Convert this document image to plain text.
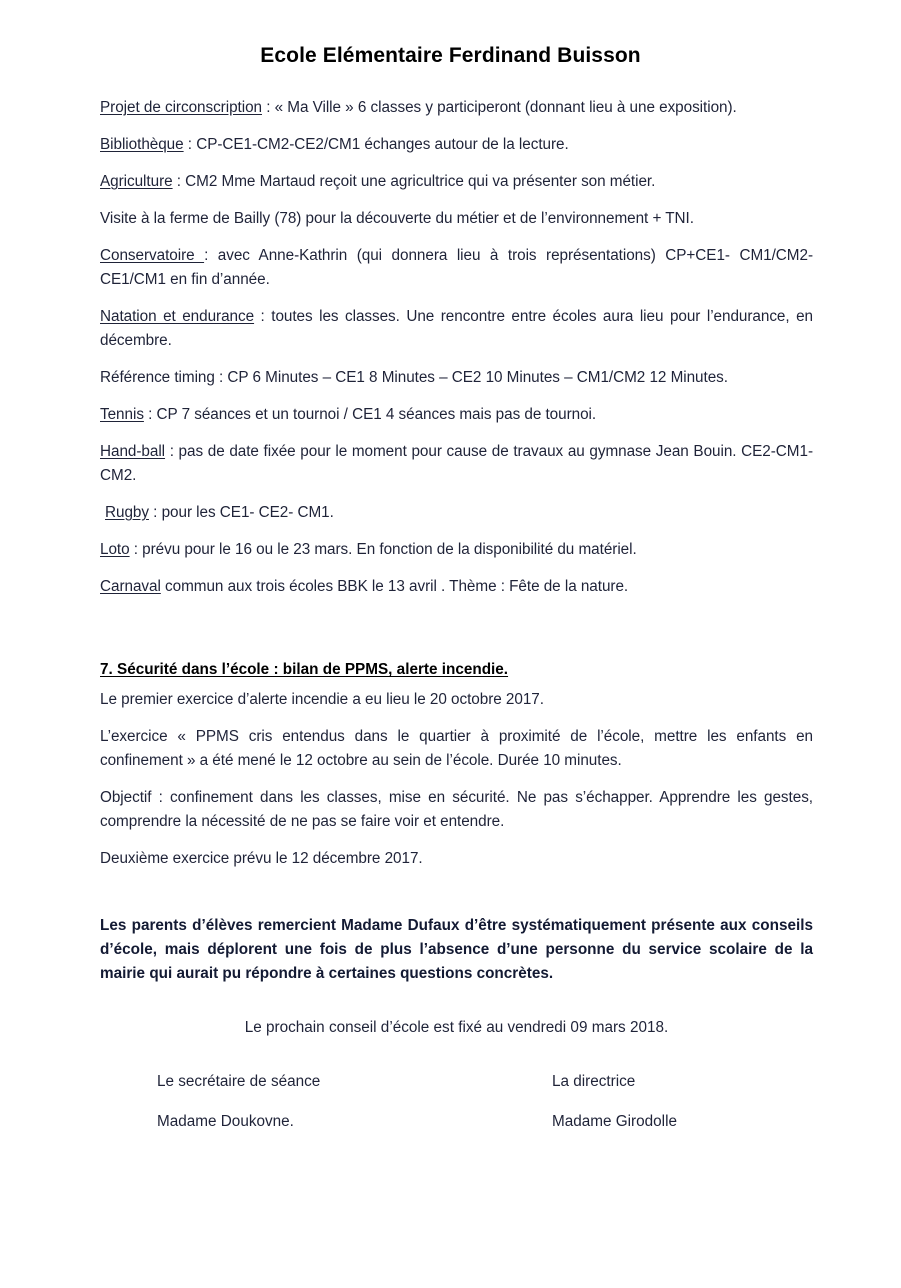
Ecole Elémentaire Ferdinand Buisson

Projet de circonscription : « Ma Ville » 6 classes y participeront (donnant lieu à une exposition).

Bibliothèque : CP-CE1-CM2-CE2/CM1 échanges autour de la lecture.

Agriculture : CM2 Mme Martaud reçoit une agricultrice qui va présenter son métier.

Visite à la ferme de Bailly (78) pour la découverte du métier et de l’environnement + TNI.

Conservatoire : avec Anne-Kathrin (qui donnera lieu à trois représentations) CP+CE1- CM1/CM2-CE1/CM1 en fin d’année.

Natation et endurance : toutes les classes. Une rencontre entre écoles aura lieu pour l’endurance, en décembre.

Référence timing : CP 6 Minutes – CE1 8 Minutes – CE2 10 Minutes – CM1/CM2 12 Minutes.

Tennis : CP 7 séances et un tournoi / CE1 4 séances mais pas de tournoi.

Hand-ball : pas de date fixée pour le moment pour cause de travaux au gymnase Jean Bouin. CE2-CM1-CM2.

Rugby : pour les CE1- CE2- CM1.

Loto : prévu pour le 16 ou le 23 mars. En fonction de la disponibilité du matériel.

Carnaval commun aux trois écoles BBK le 13 avril . Thème : Fête de la nature.

7. Sécurité dans l’école : bilan de PPMS, alerte incendie.

Le premier exercice d’alerte incendie a eu lieu le 20 octobre 2017.

L’exercice « PPMS cris entendus dans le quartier à proximité de l’école, mettre les enfants en confinement » a été mené le 12 octobre au sein de l’école. Durée 10 minutes.

Objectif : confinement dans les classes, mise en sécurité. Ne pas s’échapper. Apprendre les gestes, comprendre la nécessité de ne pas se faire voir et entendre.

Deuxième exercice prévu le 12 décembre 2017.

Les parents d’élèves remercient Madame Dufaux d’être systématiquement présente aux conseils d’école, mais déplorent une fois de plus l’absence d’une personne du service scolaire de la mairie qui aurait pu répondre à certaines questions concrètes.

Le prochain conseil d’école est fixé au vendredi 09 mars 2018.

Le secrétaire de séance	La directrice
Madame Doukovne.	Madame Girodolle
